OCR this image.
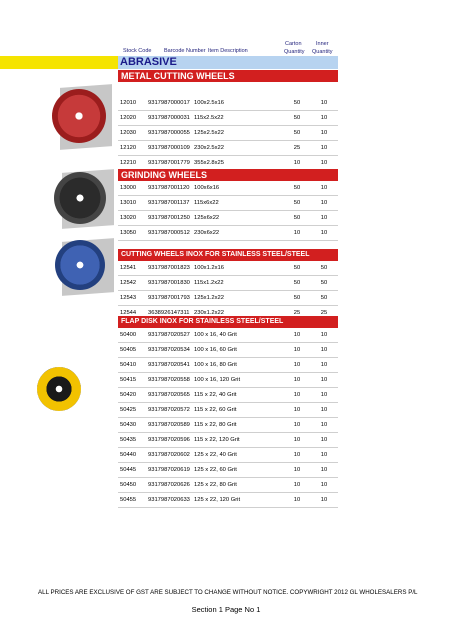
Stock Code Barcode Number Item Description
Carton
Quantity
Inner
Quantity
ABRASIVE
METAL CUTTING WHEELS
12010	9317987000017	100x2.5x16	50	10
12020	9317987000031	115x2.5x22	50	10
12030	9317987000055	125x2.5x22	50	10
12120	9317987000109	230x2.5x22	25	10
12210	9317987001779	355x2.8x25	10	10
GRINDING WHEELS
13000	9317987001120	100x6x16	50	10
13010	9317987001137	115x6x22	50	10
13020	9317987001250	125x6x22	50	10
13050	9317987000512	230x6x22	10	10
CUTTING WHEELS INOX FOR STAINLESS STEEL/STEEL
12541	9317987001823	100x1.2x16	50	50
12542	9317987001830	115x1.2x22	50	50
12543	9317987001793	125x1.2x22	50	50
12544	3638926147311	230x1.2x22	25	25
FLAP DISK INOX FOR STAINLESS STEEL/STEEL
50400	9317987020527	100 x 16, 40 Grit	10	10
50405	9317987020534	100 x 16, 60 Grit	10	10
50410	9317987020541	100 x 16, 80 Grit	10	10
50415	9317987020558	100 x 16, 120 Grit	10	10
50420	9317987020565	115 x 22, 40 Grit	10	10
50425	9317987020572	115 x 22, 60 Grit	10	10
50430	9317987020589	115 x 22, 80 Grit	10	10
50435	9317987020596	115 x 22, 120 Grit	10	10
50440	9317987020602	125 x 22, 40 Grit	10	10
50445	9317987020619	125 x 22, 60 Grit	10	10
50450	9317987020626	125 x 22, 80 Grit	10	10
50455	9317987020633	125 x 22, 120 Grit	10	10
ALL PRICES ARE EXCLUSIVE OF GST ARE SUBJECT TO CHANGE WITHOUT NOTICE. COPYWRIGHT 2012 GL WHOLESALERS P/L
Section 1 Page No 1
